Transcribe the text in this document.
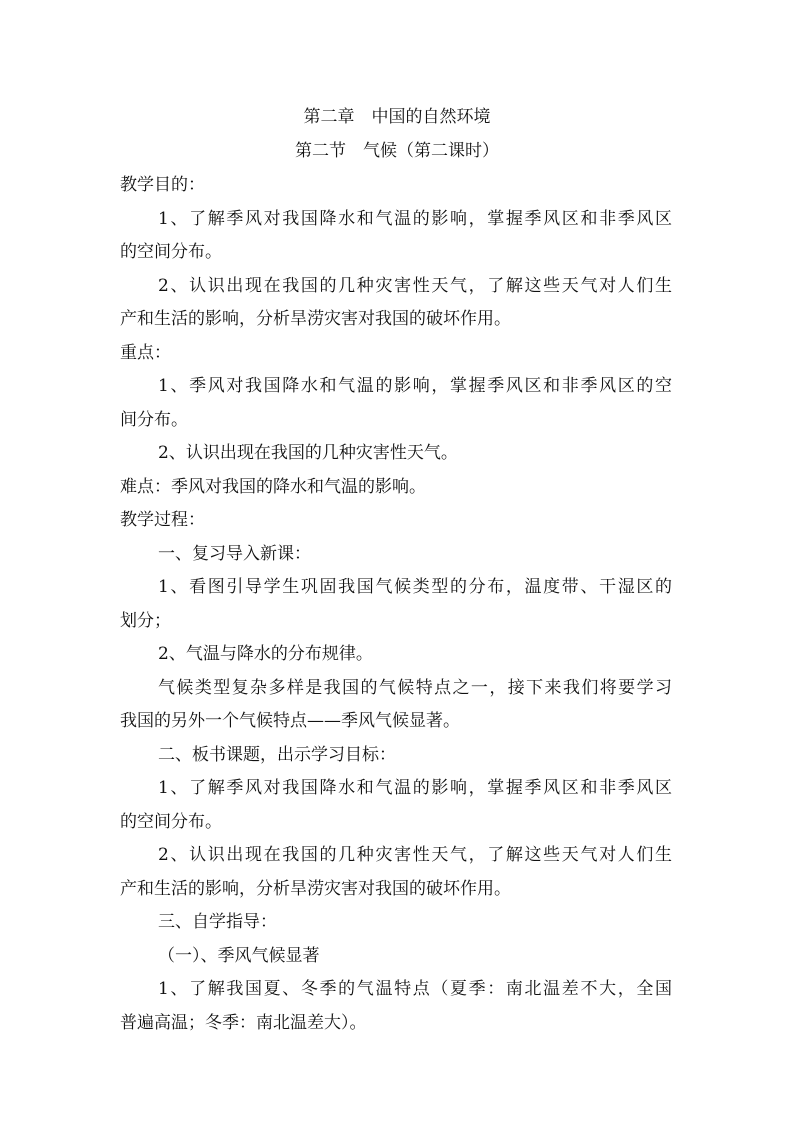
第二章　中国的自然环境
第二节　气候（第二课时）
教学目的：
1、了解季风对我国降水和气温的影响，掌握季风区和非季风区
的空间分布。
2、认识出现在我国的几种灾害性天气，了解这些天气对人们生
产和生活的影响，分析旱涝灾害对我国的破坏作用。
重点：
1、季风对我国降水和气温的影响，掌握季风区和非季风区的空
间分布。
2、认识出现在我国的几种灾害性天气。
难点：季风对我国的降水和气温的影响。
教学过程：
一、复习导入新课：
1、看图引导学生巩固我国气候类型的分布，温度带、干湿区的
划分；
2、气温与降水的分布规律。
气候类型复杂多样是我国的气候特点之一，接下来我们将要学习
我国的另外一个气候特点——季风气候显著。
二、板书课题，出示学习目标：
1、了解季风对我国降水和气温的影响，掌握季风区和非季风区
的空间分布。
2、认识出现在我国的几种灾害性天气，了解这些天气对人们生
产和生活的影响，分析旱涝灾害对我国的破坏作用。
三、自学指导：
（一）、季风气候显著
1、了解我国夏、冬季的气温特点（夏季：南北温差不大，全国
普遍高温；冬季：南北温差大）。
